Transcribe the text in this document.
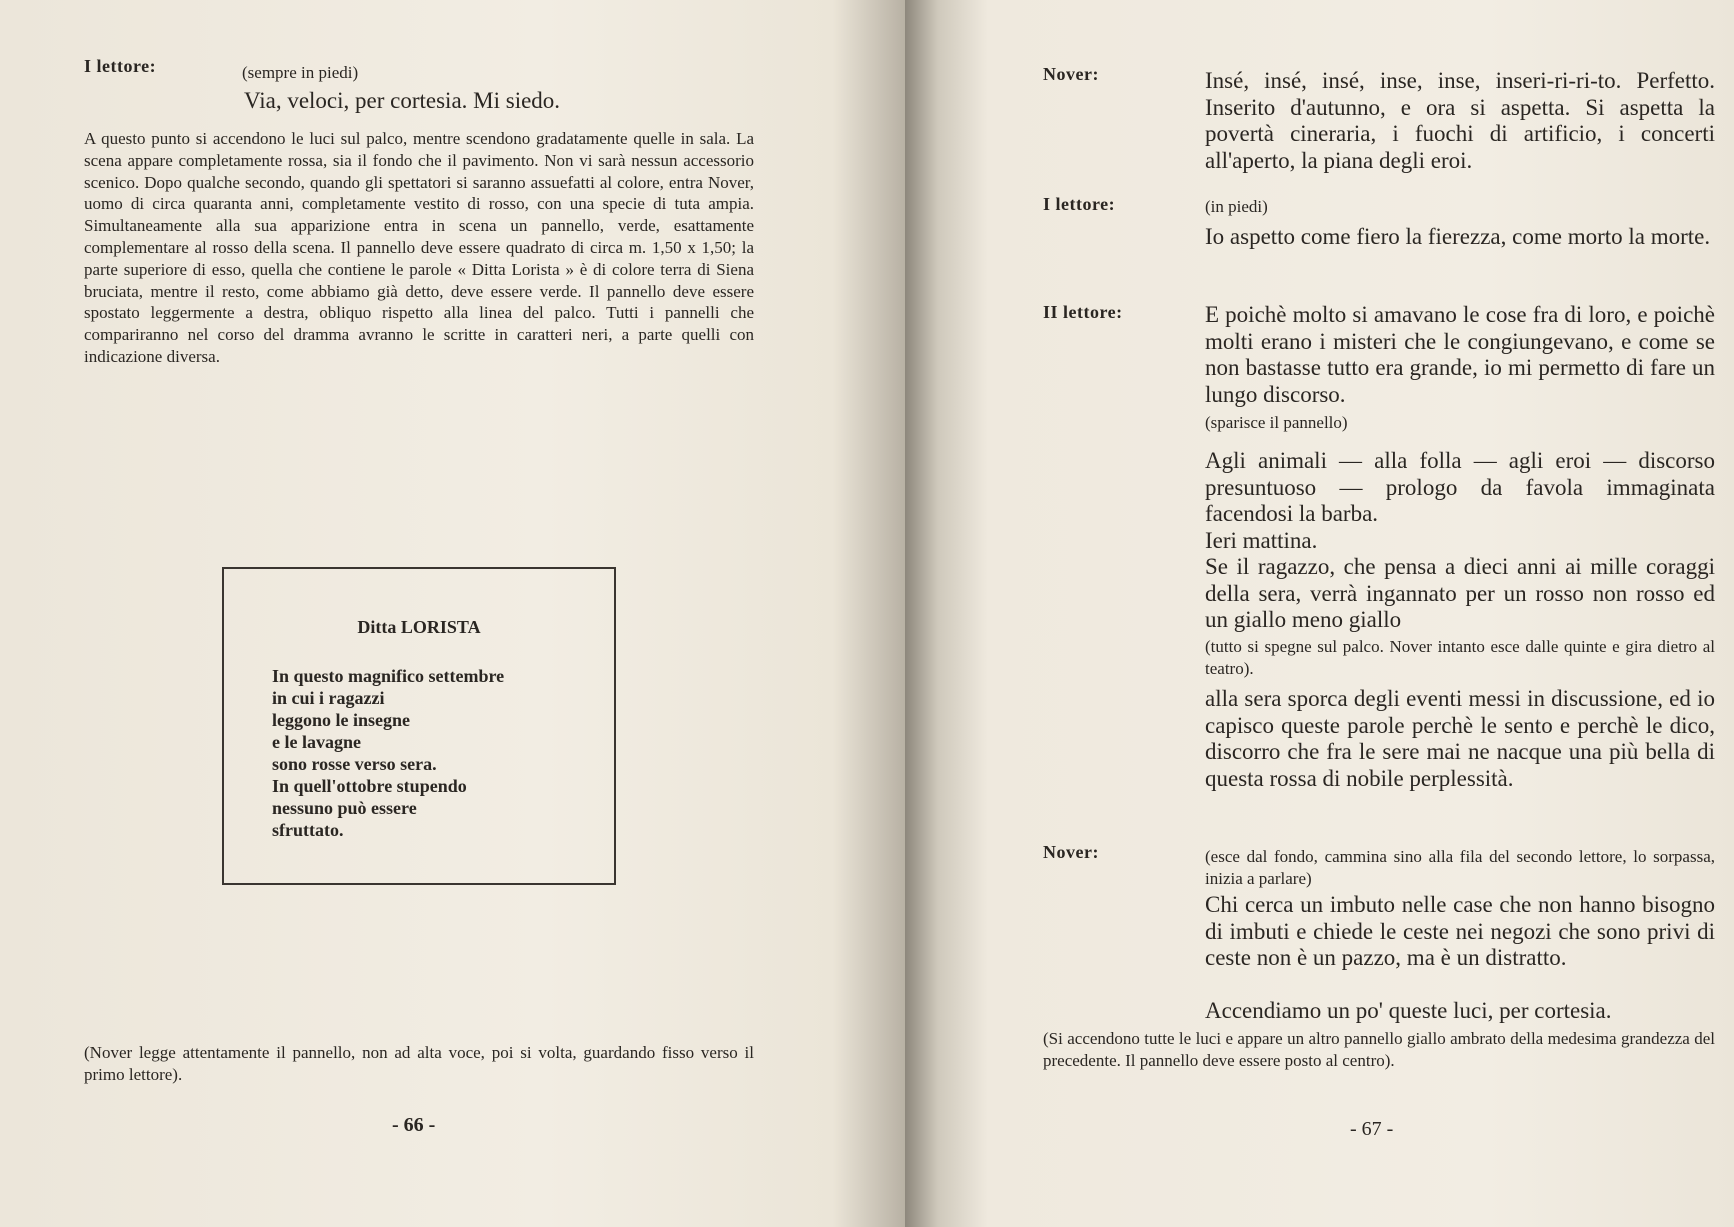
I lettore:	(sempre in piedi)
Via, veloci, per cortesia. Mi siedo.
A questo punto si accendono le luci sul palco, mentre scendono gradatamente quelle in sala. La scena appare completamente rossa, sia il fondo che il pavimento. Non vi sarà nessun accessorio scenico. Dopo qualche secondo, quando gli spettatori si saranno assuefatti al colore, entra Nover, uomo di circa quaranta anni, completamente vestito di rosso, con una specie di tuta ampia. Simultaneamente alla sua apparizione entra in scena un pannello, verde, esattamente complementare al rosso della scena. Il pannello deve essere quadrato di circa m. 1,50 x 1,50; la parte superiore di esso, quella che contiene le parole « Ditta Lorista » è di colore terra di Siena bruciata, mentre il resto, come abbiamo già detto, deve essere verde. Il pannello deve essere spostato leggermente a destra, obliquo rispetto alla linea del palco. Tutti i pannelli che compariranno nel corso del dramma avranno le scritte in caratteri neri, a parte quelli con indicazione diversa.
Ditta LORISTA
In questo magnifico settembre
in cui i ragazzi
leggono le insegne
e le lavagne
sono rosse verso sera.
In quell'ottobre stupendo
nessuno può essere
sfruttato.
(Nover legge attentamente il pannello, non ad alta voce, poi si volta, guardando fisso verso il primo lettore).
- 66 -
Nover:	Insé, insé, insé, inse, inse, inseri-ri-ri-to. Perfetto. Inserito d'autunno, e ora si aspetta. Si aspetta la povertà cineraria, i fuochi di artificio, i concerti all'aperto, la piana degli eroi.
I lettore:	(in piedi)
Io aspetto come fiero la fierezza, come morto la morte.
II lettore:	E poichè molto si amavano le cose fra di loro, e poichè molti erano i misteri che le congiungevano, e come se non bastasse tutto era grande, io mi permetto di fare un lungo discorso.
(sparisce il pannello)
Agli animali — alla folla — agli eroi — discorso presuntuoso — prologo da favola immaginata facendosi la barba.
Ieri mattina.
Se il ragazzo, che pensa a dieci anni ai mille coraggi della sera, verrà ingannato per un rosso non rosso ed un giallo meno giallo
(tutto si spegne sul palco. Nover intanto esce dalle quinte e gira dietro al teatro).
alla sera sporca degli eventi messi in discussione, ed io capisco queste parole perchè le sento e perchè le dico, discorro che fra le sere mai ne nacque una più bella di questa rossa di nobile perplessità.
Nover:	(esce dal fondo, cammina sino alla fila del secondo lettore, lo sorpassa, inizia a parlare)
Chi cerca un imbuto nelle case che non hanno bisogno di imbuti e chiede le ceste nei negozi che sono privi di ceste non è un pazzo, ma è un distratto.
Accendiamo un po' queste luci, per cortesia.
(Si accendono tutte le luci e appare un altro pannello giallo ambrato della medesima grandezza del precedente. Il pannello deve essere posto al centro).
- 67 -
